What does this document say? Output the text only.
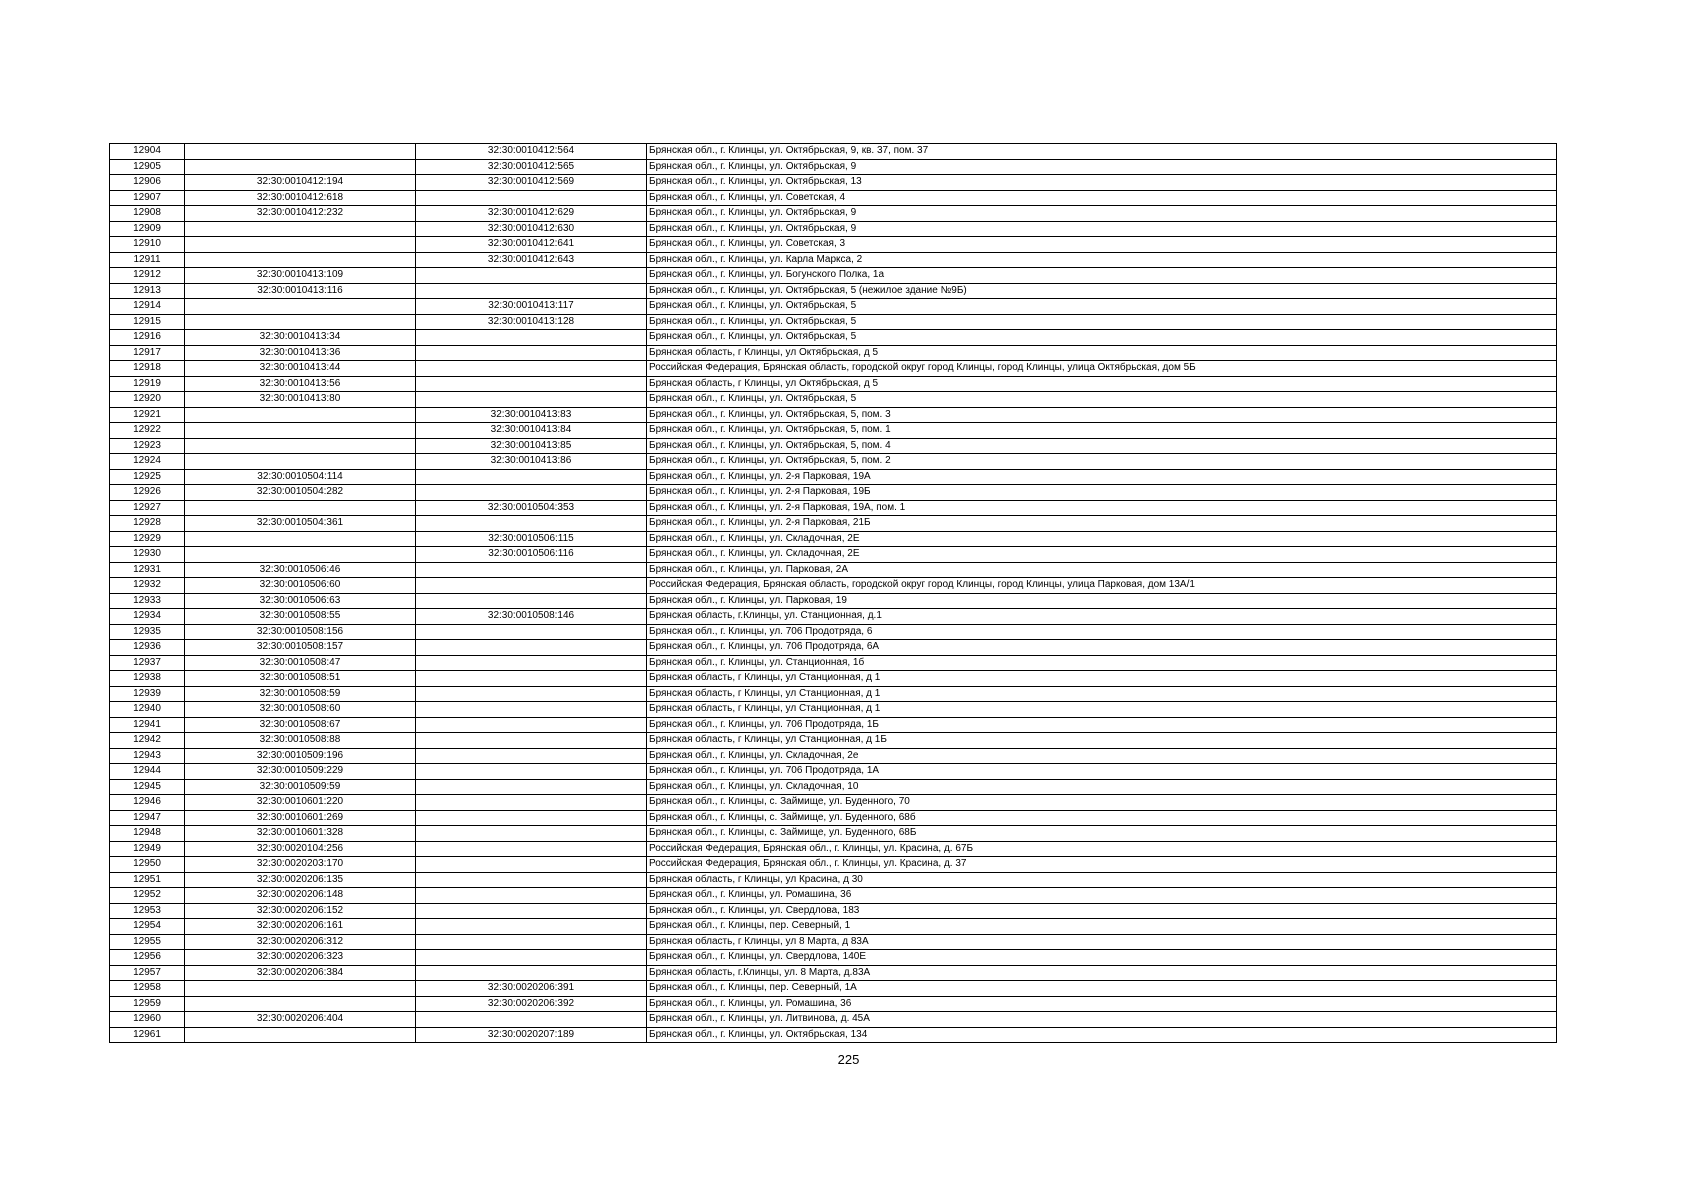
12904		32:30:0010412:564	Брянская обл., г. Клинцы, ул. Октябрьская, 9, кв. 37, пом. 37
12905		32:30:0010412:565	Брянская обл., г. Клинцы, ул. Октябрьская, 9
12906	32:30:0010412:194	32:30:0010412:569	Брянская обл., г. Клинцы, ул. Октябрьская, 13
12907	32:30:0010412:618		Брянская обл., г. Клинцы, ул. Советская, 4
12908	32:30:0010412:232	32:30:0010412:629	Брянская обл., г. Клинцы, ул. Октябрьская, 9
12909		32:30:0010412:630	Брянская обл., г. Клинцы, ул. Октябрьская, 9
12910		32:30:0010412:641	Брянская обл., г. Клинцы, ул. Советская, 3
12911		32:30:0010412:643	Брянская обл., г. Клинцы, ул. Карла Маркса, 2
12912	32:30:0010413:109		Брянская обл., г. Клинцы, ул. Богунского Полка, 1а
12913	32:30:0010413:116		Брянская обл., г. Клинцы, ул. Октябрьская, 5 (нежилое здание №9Б)
12914		32:30:0010413:117	Брянская обл., г. Клинцы, ул. Октябрьская, 5
12915		32:30:0010413:128	Брянская обл., г. Клинцы, ул. Октябрьская, 5
12916	32:30:0010413:34		Брянская обл., г. Клинцы, ул. Октябрьская, 5
12917	32:30:0010413:36		Брянская область, г Клинцы, ул Октябрьская, д 5
12918	32:30:0010413:44		Российская Федерация, Брянская область, городской округ город Клинцы, город Клинцы, улица Октябрьская, дом 5Б
12919	32:30:0010413:56		Брянская область, г Клинцы, ул Октябрьская, д 5
12920	32:30:0010413:80		Брянская обл., г. Клинцы, ул. Октябрьская, 5
12921		32:30:0010413:83	Брянская обл., г. Клинцы, ул. Октябрьская, 5, пом. 3
12922		32:30:0010413:84	Брянская обл., г. Клинцы, ул. Октябрьская, 5, пом. 1
12923		32:30:0010413:85	Брянская обл., г. Клинцы, ул. Октябрьская, 5, пом. 4
12924		32:30:0010413:86	Брянская обл., г. Клинцы, ул. Октябрьская, 5, пом. 2
12925	32:30:0010504:114		Брянская обл., г. Клинцы, ул. 2-я Парковая, 19А
12926	32:30:0010504:282		Брянская обл., г. Клинцы, ул. 2-я Парковая, 19Б
12927		32:30:0010504:353	Брянская обл., г. Клинцы, ул. 2-я Парковая, 19А, пом. 1
12928	32:30:0010504:361		Брянская обл., г. Клинцы, ул. 2-я Парковая, 21Б
12929		32:30:0010506:115	Брянская обл., г. Клинцы, ул. Складочная, 2Е
12930		32:30:0010506:116	Брянская обл., г. Клинцы, ул. Складочная, 2Е
12931	32:30:0010506:46		Брянская обл., г. Клинцы, ул. Парковая, 2А
12932	32:30:0010506:60		Российская Федерация, Брянская область, городской округ город Клинцы, город Клинцы, улица Парковая, дом 13А/1
12933	32:30:0010506:63		Брянская обл., г. Клинцы, ул. Парковая, 19
12934	32:30:0010508:55	32:30:0010508:146	Брянская область, г.Клинцы, ул. Станционная, д.1
12935	32:30:0010508:156		Брянская обл., г. Клинцы, ул. 706 Продотряда, 6
12936	32:30:0010508:157		Брянская обл., г. Клинцы, ул. 706 Продотряда, 6А
12937	32:30:0010508:47		Брянская обл., г. Клинцы, ул. Станционная, 1б
12938	32:30:0010508:51		Брянская область, г Клинцы, ул Станционная, д 1
12939	32:30:0010508:59		Брянская область, г Клинцы, ул Станционная, д 1
12940	32:30:0010508:60		Брянская область, г Клинцы, ул Станционная, д 1
12941	32:30:0010508:67		Брянская обл., г. Клинцы, ул. 706 Продотряда, 1Б
12942	32:30:0010508:88		Брянская область, г Клинцы, ул Станционная, д 1Б
12943	32:30:0010509:196		Брянская обл., г. Клинцы, ул. Складочная, 2е
12944	32:30:0010509:229		Брянская обл., г. Клинцы, ул. 706 Продотряда, 1А
12945	32:30:0010509:59		Брянская обл., г. Клинцы, ул. Складочная, 10
12946	32:30:0010601:220		Брянская обл., г. Клинцы, с. Займище, ул. Буденного, 70
12947	32:30:0010601:269		Брянская обл., г. Клинцы, с. Займище, ул. Буденного, 68б
12948	32:30:0010601:328		Брянская обл., г. Клинцы, с. Займище, ул. Буденного, 68Б
12949	32:30:0020104:256		Российская Федерация, Брянская обл., г. Клинцы, ул. Красина, д. 67Б
12950	32:30:0020203:170		Российская Федерация, Брянская обл., г. Клинцы, ул. Красина, д. 37
12951	32:30:0020206:135		Брянская область, г Клинцы, ул Красина, д 30
12952	32:30:0020206:148		Брянская обл., г. Клинцы, ул. Ромашина, 36
12953	32:30:0020206:152		Брянская обл., г. Клинцы, ул. Свердлова, 183
12954	32:30:0020206:161		Брянская обл., г. Клинцы, пер. Северный, 1
12955	32:30:0020206:312		Брянская область, г Клинцы, ул 8 Марта, д 83А
12956	32:30:0020206:323		Брянская обл., г. Клинцы, ул. Свердлова, 140Е
12957	32:30:0020206:384		Брянская область, г.Клинцы, ул. 8 Марта, д.83А
12958		32:30:0020206:391	Брянская обл., г. Клинцы, пер. Северный, 1А
12959		32:30:0020206:392	Брянская обл., г. Клинцы, ул. Ромашина, 36
12960	32:30:0020206:404		Брянская обл., г. Клинцы, ул. Литвинова, д. 45А
12961		32:30:0020207:189	Брянская обл., г. Клинцы, ул. Октябрьская, 134
225
